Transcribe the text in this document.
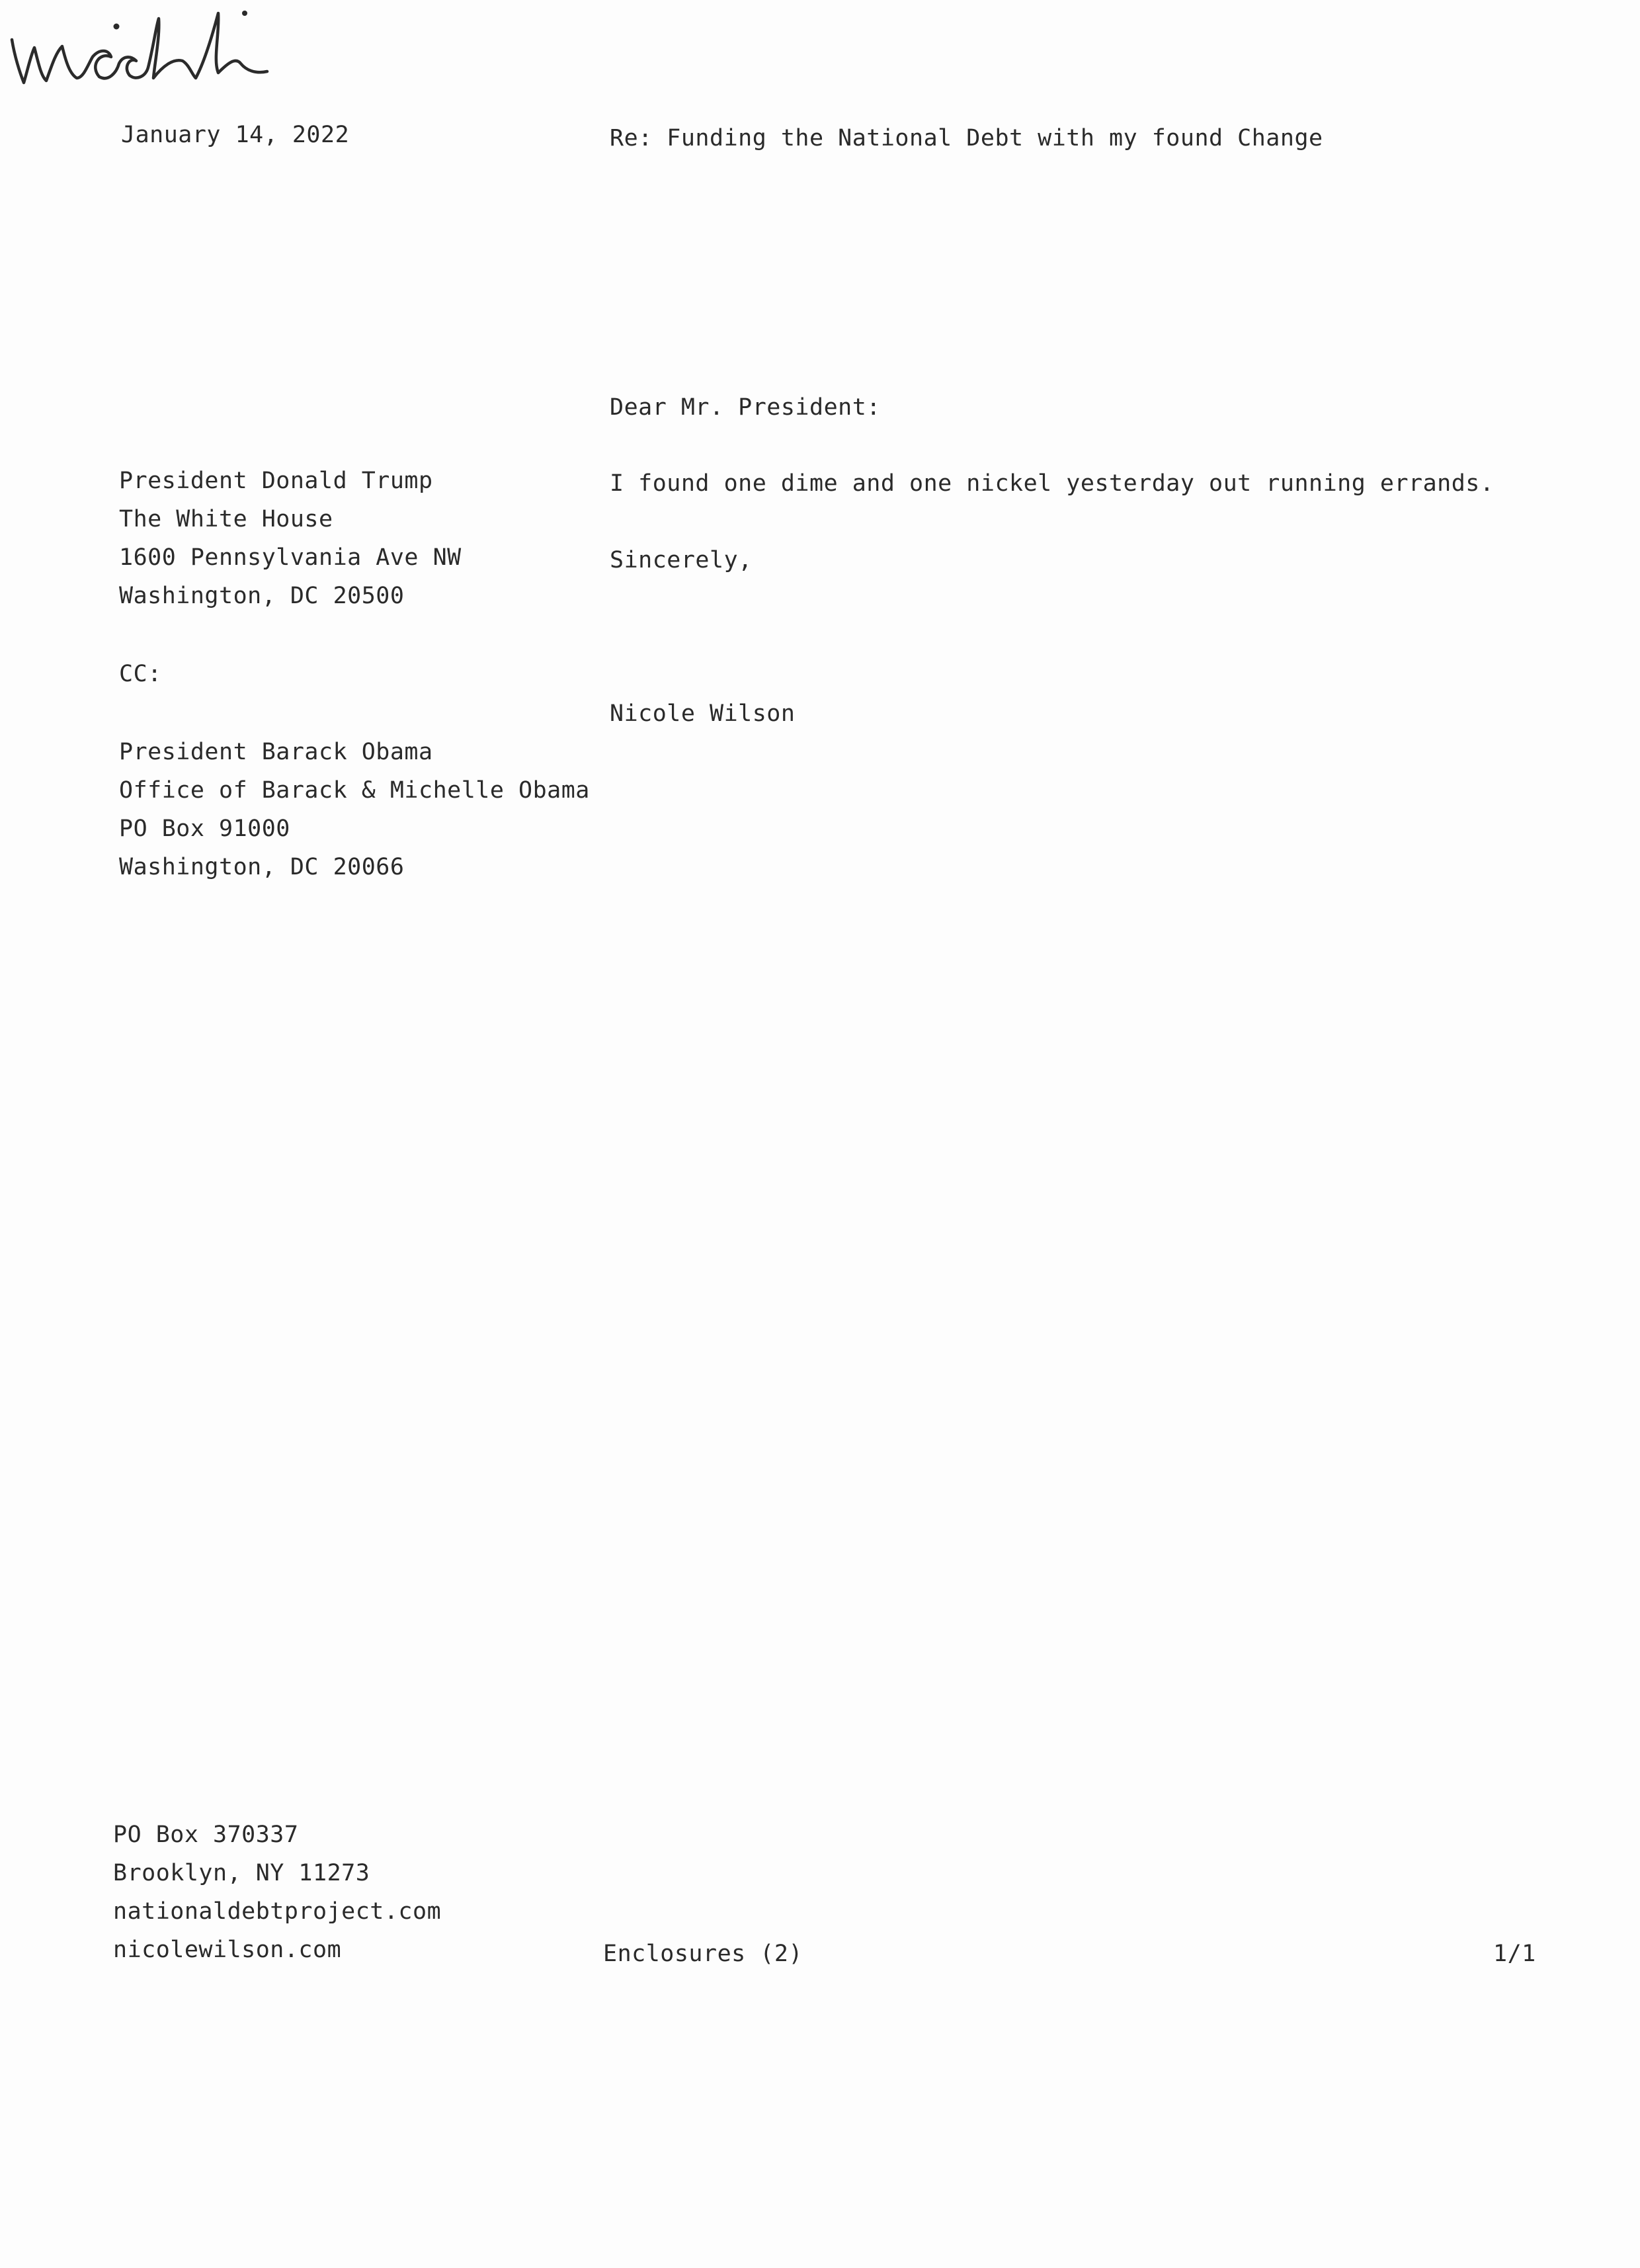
January 14, 2022	Re: Funding the National Debt with my found Change
Dear Mr. President:
I found one dime and one nickel yesterday out running errands.
Sincerely,
Nicole Wilson
President Donald Trump
The White House
1600 Pennsylvania Ave NW
Washington, DC 20500
CC:
President Barack Obama
Office of Barack & Michelle Obama
PO Box 91000
Washington, DC 20066
PO Box 370337
Brooklyn, NY 11273
nationaldebtproject.com
nicolewilson.com	Enclosures (2)	1/1
